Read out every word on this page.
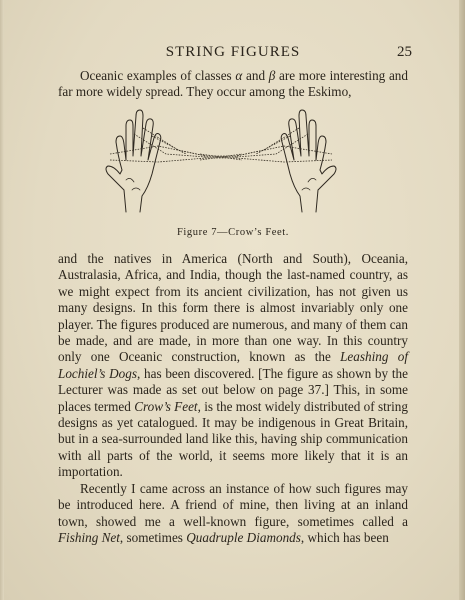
STRING FIGURES	25

Oceanic examples of classes α and β are more interesting and far more widely spread. They occur among the Eskimo,

Figure 7—Crow’s Feet.

and the natives in America (North and South), Oceania, Australasia, Africa, and India, though the last-named country, as we might expect from its ancient civilization, has not given us many designs. In this form there is almost invariably only one player. The figures produced are numerous, and many of them can be made, and are made, in more than one way. In this country only one Oceanic construction, known as the Leashing of Lochiel’s Dogs, has been discovered. [The figure as shown by the Lecturer was made as set out below on page 37.] This, in some places termed Crow’s Feet, is the most widely distributed of string designs as yet catalogued. It may be indigenous in Great Britain, but in a sea-surrounded land like this, having ship communication with all parts of the world, it seems more likely that it is an importation.

Recently I came across an instance of how such figures may be introduced here. A friend of mine, then living at an inland town, showed me a well-known figure, sometimes called a Fishing Net, sometimes Quadruple Diamonds, which has been
